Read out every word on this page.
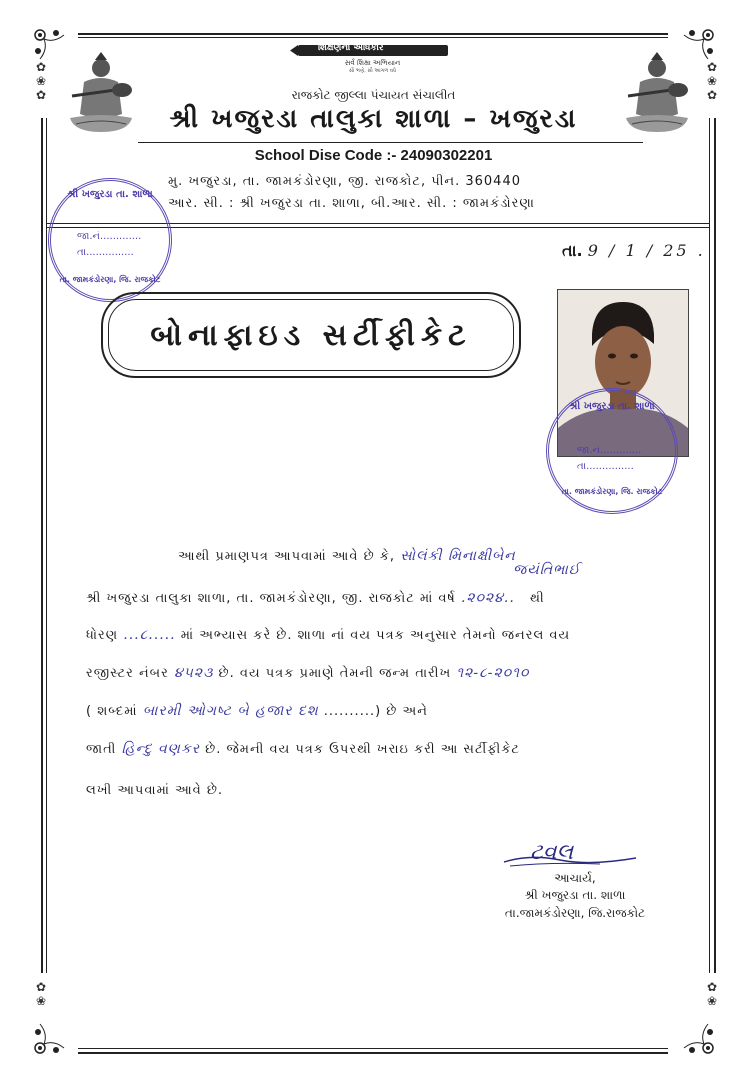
✿
❀
✿
✿
❀
✿
✿
❀
✿
❀
શિક્ષણનો અધિકાર
સર્વ શિક્ષા અભિયાન
સૌ ભણે, સૌ આગળ વધે
રાજકોટ જીલ્લા પંચાયત સંચાલીત
શ્રી ખજુરડા તાલુકા શાળા – ખજુરડા
School Dise Code :- 24090302201
મુ. ખજુરડા, તા. જામકંડોરણા, જી. રાજકોટ, પીન. 360440
આર. સી. : શ્રી ખજુરડા તા. શાળા, બી.આર. સી. : જામકંડોરણા
તા. 9 / 1 / 25 .
શ્રી ખજુરડા તા. શાળા
જા.નં.............
તા...............
તા. જામકંડોરણા, જિ. રાજકોટ
બોનાફાઇડ સર્ટીફીકેટ
શ્રી ખજુરડા તા. શાળા
જા.નં.............
તા...............
તા. જામકંડોરણા, જિ. રાજકોટ
આથી પ્રમાણપત્ર આપવામાં આવે છે કે, સોલંકી મિનાક્ષીબેન
જયંતિભાઈ
શ્રી ખજુરડા તાલુકા શાળા, તા. જામકંડોરણા, જી. રાજકોટ માં વર્ષ .૨૦૨૪.. થી
ધોરણ ...૮..... માં અભ્યાસ કરે છે. શાળા નાં વય પત્રક અનુસાર તેમનો જનરલ વય
રજીસ્ટર નંબર ૪૫૨૩ છે. વય પત્રક પ્રમાણે તેમની જન્મ તારીખ ૧૨-૮-૨૦૧૦
( શબ્દમાં બારમી ઓગષ્ટ બે હજાર દશ ..........) છે અને
જાતી હિન્દુ વણકર છે. જેમની વય પત્રક ઉપરથી ખરાઇ કરી આ સર્ટીફીકેટ
લખી આપવામાં આવે છે.
ટવલ
આચાર્ય,
શ્રી ખજુરડા તા. શાળા
તા.જામકંડોરણા, જિ.રાજકોટ
